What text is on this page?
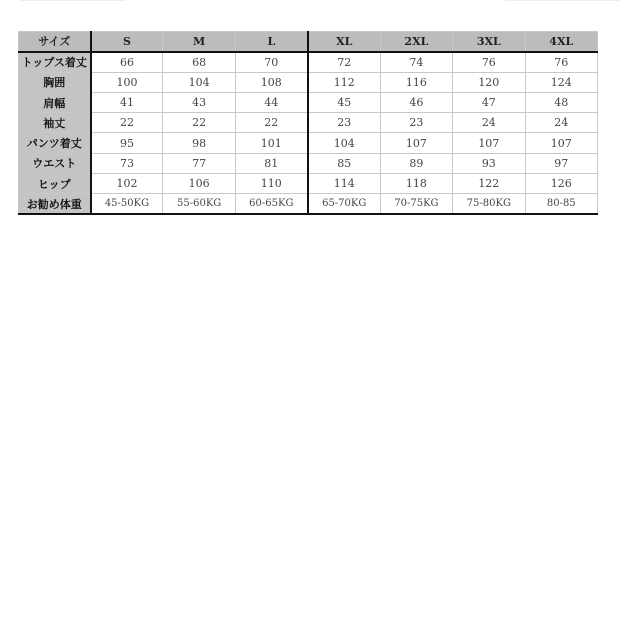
サイズ	S	M	L	XL	2XL	3XL	4XL
トップス着丈	66	68	70	72	74	76	76
胸囲	100	104	108	112	116	120	124
肩幅	41	43	44	45	46	47	48
袖丈	22	22	22	23	23	24	24
パンツ着丈	95	98	101	104	107	107	107
ウエスト	73	77	81	85	89	93	97
ヒップ	102	106	110	114	118	122	126
お勧め体重	45-50KG	55-60KG	60-65KG	65-70KG	70-75KG	75-80KG	80-85
